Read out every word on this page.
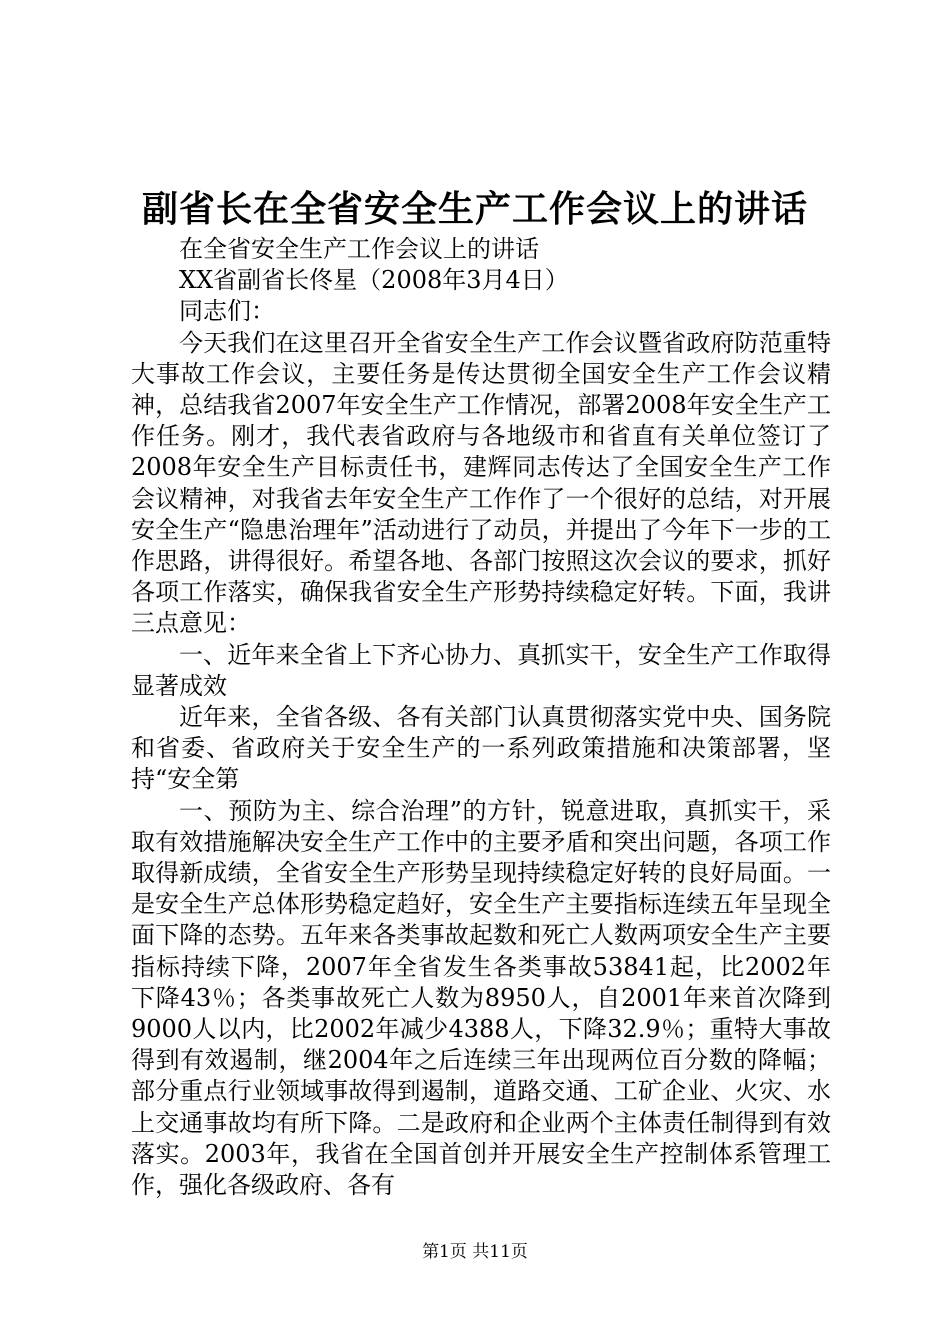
副省长在全省安全生产工作会议上的讲话

在全省安全生产工作会议上的讲话

XX省副省长佟星（2008年3月4日）

同志们：

今天我们在这里召开全省安全生产工作会议暨省政府防范重特大事故工作会议，主要任务是传达贯彻全国安全生产工作会议精神，总结我省2007年安全生产工作情况，部署2008年安全生产工作任务。刚才，我代表省政府与各地级市和省直有关单位签订了2008年安全生产目标责任书，建辉同志传达了全国安全生产工作会议精神，对我省去年安全生产工作作了一个很好的总结，对开展安全生产“隐患治理年”活动进行了动员，并提出了今年下一步的工作思路，讲得很好。希望各地、各部门按照这次会议的要求，抓好各项工作落实，确保我省安全生产形势持续稳定好转。下面，我讲三点意见：

一、近年来全省上下齐心协力、真抓实干，安全生产工作取得显著成效

近年来，全省各级、各有关部门认真贯彻落实党中央、国务院和省委、省政府关于安全生产的一系列政策措施和决策部署，坚持“安全第

一、预防为主、综合治理”的方针，锐意进取，真抓实干，采取有效措施解决安全生产工作中的主要矛盾和突出问题，各项工作取得新成绩，全省安全生产形势呈现持续稳定好转的良好局面。一是安全生产总体形势稳定趋好，安全生产主要指标连续五年呈现全面下降的态势。五年来各类事故起数和死亡人数两项安全生产主要指标持续下降，2007年全省发生各类事故53841起，比2002年下降43％；各类事故死亡人数为8950人，自2001年来首次降到9000人以内，比2002年减少4388人，下降32.9％；重特大事故得到有效遏制，继2004年之后连续三年出现两位百分数的降幅；部分重点行业领域事故得到遏制，道路交通、工矿企业、火灾、水上交通事故均有所下降。二是政府和企业两个主体责任制得到有效落实。2003年，我省在全国首创并开展安全生产控制体系管理工作，强化各级政府、各有

第1页 共11页
